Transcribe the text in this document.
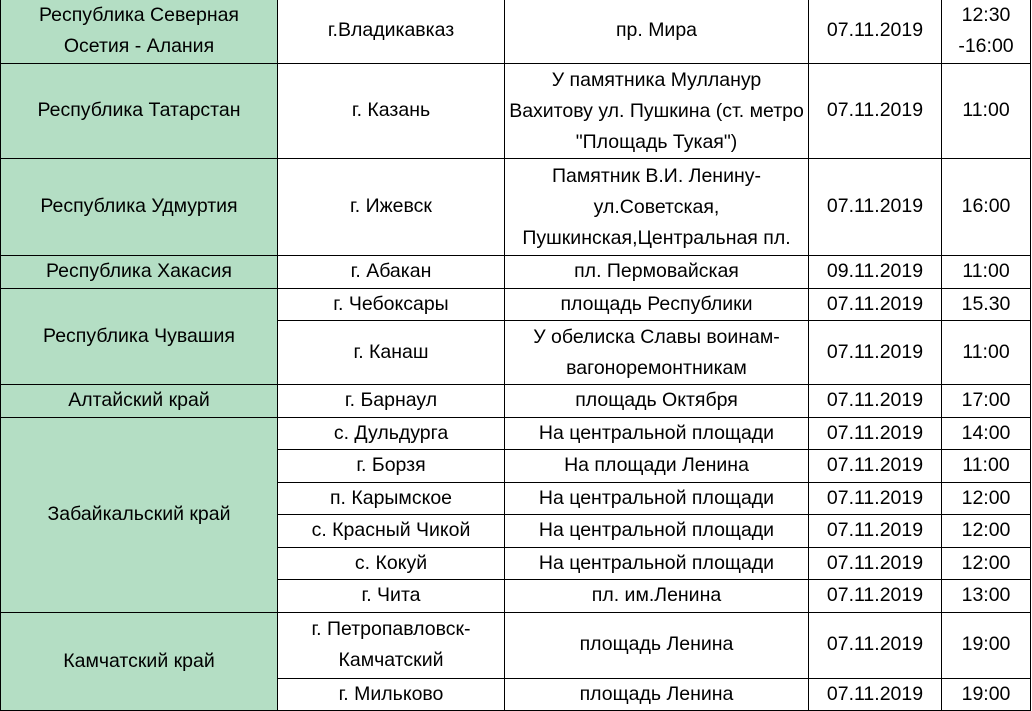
Республика Северная Осетия - Алания	г.Владикавказ	пр. Мира	07.11.2019	12:30 -16:00
Республика Татарстан	г. Казань	У памятника Мулланур Вахитову ул. Пушкина (ст. метро "Площадь Тукая")	07.11.2019	11:00
Республика Удмуртия	г. Ижевск	Памятник В.И. Ленину- ул.Советская, Пушкинская,Центральная пл.	07.11.2019	16:00
Республика Хакасия	г. Абакан	пл. Пермовайская	09.11.2019	11:00
Республика Чувашия	г. Чебоксары	площадь Республики	07.11.2019	15.30
	г. Канаш	У обелиска Славы воинам- вагоноремонтникам	07.11.2019	11:00
Алтайский край	г. Барнаул	площадь Октября	07.11.2019	17:00
Забайкальский край	с. Дульдурга	На центральной площади	07.11.2019	14:00
	г. Борзя	На площади Ленина	07.11.2019	11:00
	п. Карымское	На центральной площади	07.11.2019	12:00
	с. Красный Чикой	На центральной площади	07.11.2019	12:00
	с. Кокуй	На центральной площади	07.11.2019	12:00
	г. Чита	пл. им.Ленина	07.11.2019	13:00
Камчатский край	г. Петропавловск- Камчатский	площадь Ленина	07.11.2019	19:00
	г. Мильково	площадь Ленина	07.11.2019	19:00
